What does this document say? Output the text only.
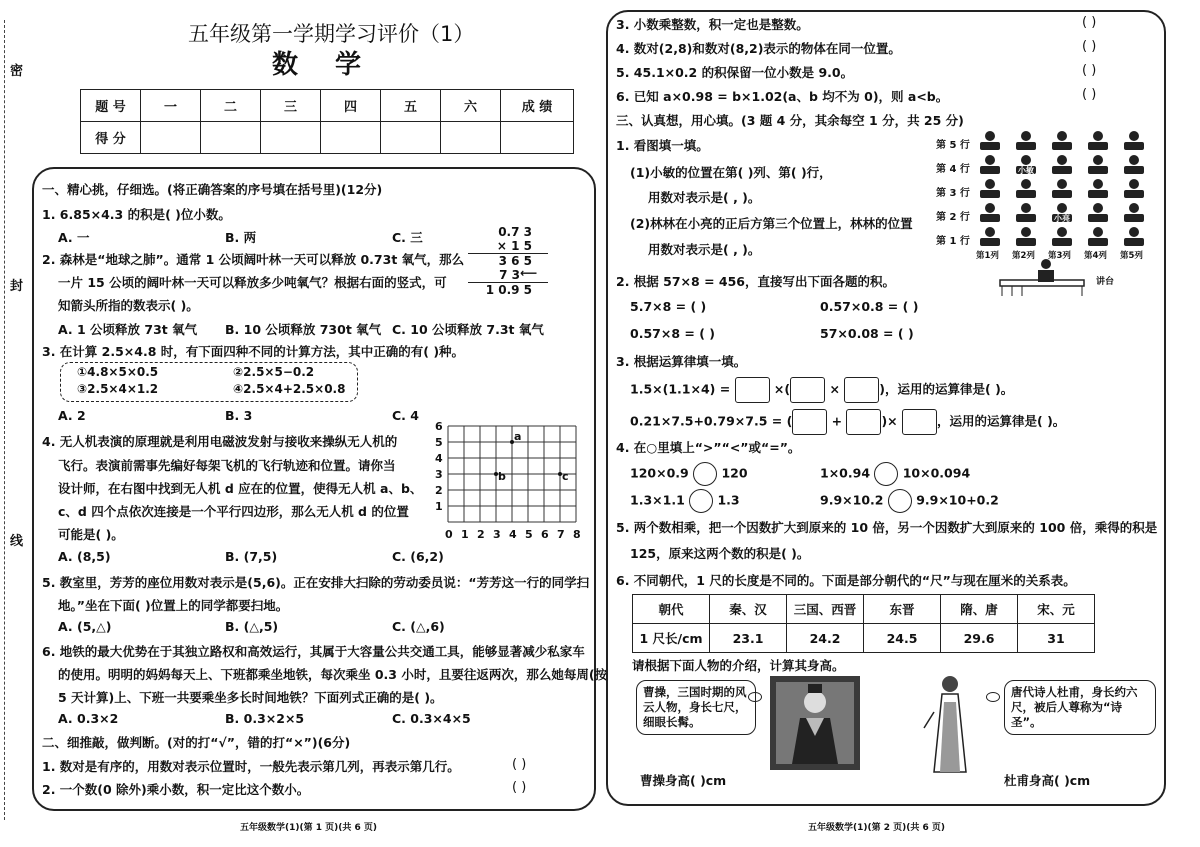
密
封
线
五年级第一学期学习评价（1）
数 学
题 号	一	二	三	四	五	六	成 绩
得 分							
一、精心挑，仔细选。(将正确答案的序号填在括号里)(12分)
1. 6.85×4.3 的积是( )位小数。
A. 一	B. 两	C. 三
2. 森林是“地球之肺”。通常 1 公顷阔叶林一天可以释放 0.73t 氧气，那么
一片 15 公顷的阔叶林一天可以释放多少吨氧气？根据右面的竖式，可
知箭头所指的数表示( )。
A. 1 公顷释放 73t 氧气 B. 10 公顷释放 730t 氧气 C. 10 公顷释放 7.3t 氧气
0.7 3
× 1 5
3 6 5
7 3 ⟵
1 0.9 5
3. 在计算 2.5×4.8 时，有下面四种不同的计算方法，其中正确的有( )种。
①4.8×5×0.5	②2.5×5−0.2
③2.5×4×1.2	④2.5×4+2.5×0.8
A. 2	B. 3	C. 4
4. 无人机表演的原理就是利用电磁波发射与接收来操纵无人机的
飞行。表演前需事先编好每架飞机的飞行轨迹和位置。请你当
设计师，在右图中找到无人机 d 应在的位置，使得无人机 a、b、
c、d 四个点依次连接是一个平行四边形，那么无人机 d 的位置
可能是( )。	0 1 2 3 4 5 6 7 8
1
2
3
4
5
6
a
b	c
A. (8,5)	B. (7,5)	C. (6,2)
5. 教室里，芳芳的座位用数对表示是(5,6)。正在安排大扫除的劳动委员说：“芳芳这一行的同学扫
地。”坐在下面( )位置上的同学都要扫地。
A. (5,△)	B. (△,5)	C. (△,6)
6. 地铁的最大优势在于其独立路权和高效运行，其属于大容量公共交通工具，能够显著减少私家车
的使用。明明的妈妈每天上、下班都乘坐地铁，每次乘坐 0.3 小时，且要往返两次，那么她每周(按
5 天计算)上、下班一共要乘坐多长时间地铁？下面列式正确的是( )。
A. 0.3×2	B. 0.3×2×5	C. 0.3×4×5
二、细推敲，做判断。(对的打“√”，错的打“×”)(6分)
1. 数对是有序的，用数对表示位置时，一般先表示第几列，再表示第几行。	( )
2. 一个数(0 除外)乘小数，积一定比这个数小。	( )
五年级数学(1)(第 1 页)(共 6 页)
3. 小数乘整数，积一定也是整数。	( )
4. 数对(2,8)和数对(8,2)表示的物体在同一位置。	( )
5. 45.1×0.2 的积保留一位小数是 9.0。	( )
6. 已知 a×0.98 = b×1.02(a、b 均不为 0)，则 a<b。	( )
三、认真想，用心填。(3 题 4 分，其余每空 1 分，共 25 分)
1. 看图填一填。
(1)小敏的位置在第( )列、第( )行，
用数对表示是( , )。
(2)林林在小亮的正后方第三个位置上，林林的位置
用数对表示是( , )。
第 5 行
第 4 行
第 3 行
第 2 行
第 1 行
小敏
小亮
第1列 第2列 第3列 第4列 第5列
讲台
2. 根据 57×8 = 456，直接写出下面各题的积。
5.7×8 = ( )	0.57×0.8 = ( )
0.57×8 = ( )	57×0.08 = ( )
3. 根据运算律填一填。
1.5×(1.1×4) =	×(	×	)，运用的运算律是( )。
0.21×7.5+0.79×7.5 = (	+	)×	，运用的运算律是( )。
4. 在○里填上“>”“<”或“=”。
120×0.9	120	1×0.94	10×0.094
1.3×1.1	1.3	9.9×10.2	9.9×10+0.2
5. 两个数相乘，把一个因数扩大到原来的 10 倍，另一个因数扩大到原来的 100 倍，乘得的积是
125，原来这两个数的积是( )。
6. 不同朝代，1 尺的长度是不同的。下面是部分朝代的“尺”与现在厘米的关系表。
朝代	秦、汉	三国、西晋	东晋	隋、唐	宋、元
1 尺长/cm	23.1	24.2	24.5	29.6	31
请根据下面人物的介绍，计算其身高。
曹操，三国时期的风云人物，身长七尺，细眼长髯。
唐代诗人杜甫，身长约六尺，被后人尊称为“诗圣”。
曹操身高( )cm	杜甫身高( )cm
五年级数学(1)(第 2 页)(共 6 页)
